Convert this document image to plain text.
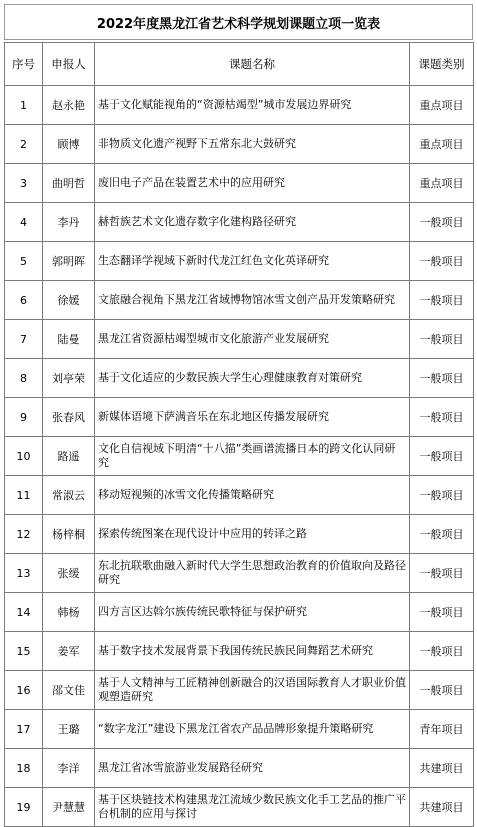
2022年度黑龙江省艺术科学规划课题立项一览表
序号	申报人	课题名称	课题类别
1	赵永艳	基于文化赋能视角的“资源枯竭型”城市发展边界研究	重点项目
2	顾博	非物质文化遗产视野下五常东北大鼓研究	重点项目
3	曲明哲	废旧电子产品在装置艺术中的应用研究	重点项目
4	李丹	赫哲族艺术文化遗存数字化建构路径研究	一般项目
5	郭明晖	生态翻译学视域下新时代龙江红色文化英译研究	一般项目
6	徐媛	文旅融合视角下黑龙江省域博物馆冰雪文创产品开发策略研究	一般项目
7	陆曼	黑龙江省资源枯竭型城市文化旅游产业发展研究	一般项目
8	刘亭荣	基于文化适应的少数民族大学生心理健康教育对策研究	一般项目
9	张春风	新媒体语境下萨满音乐在东北地区传播发展研究	一般项目
10	路遥	文化自信视域下明清“十八描”类画谱流播日本的跨文化认同研究	一般项目
11	常淑云	移动短视频的冰雪文化传播策略研究	一般项目
12	杨梓桐	探索传统图案在现代设计中应用的转译之路	一般项目
13	张缓	东北抗联歌曲融入新时代大学生思想政治教育的价值取向及路径研究	一般项目
14	韩杨	四方言区达斡尔族传统民歌特征与保护研究	一般项目
15	姜军	基于数字技术发展背景下我国传统民族民间舞蹈艺术研究	一般项目
16	邵文佳	基于人文精神与工匠精神创新融合的汉语国际教育人才职业价值观塑造研究	一般项目
17	王璐	“数字龙江”建设下黑龙江省农产品品牌形象提升策略研究	青年项目
18	李洋	黑龙江省冰雪旅游业发展路径研究	共建项目
19	尹慧慧	基于区块链技术构建黑龙江流域少数民族文化手工艺品的推广平台机制的应用与探讨	共建项目
